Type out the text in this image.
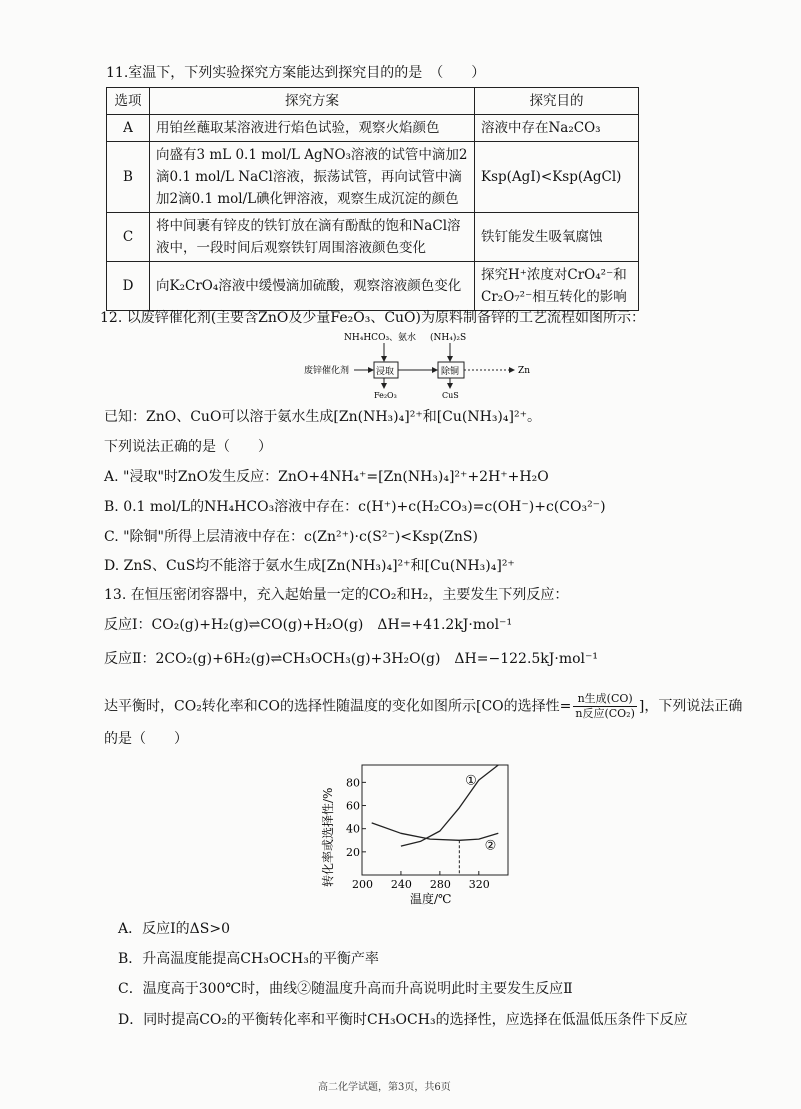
11.室温下，下列实验探究方案能达到探究目的的是　（　　）
选项	探究方案	探究目的
A	用铂丝蘸取某溶液进行焰色试验，观察火焰颜色	溶液中存在Na₂CO₃
B	向盛有3 mL 0.1 mol/L AgNO₃溶液的试管中滴加2滴0.1 mol/L NaCl溶液，振荡试管，再向试管中滴加2滴0.1 mol/L碘化钾溶液，观察生成沉淀的颜色	Ksp(AgI)<Ksp(AgCl)
C	将中间裹有锌皮的铁钉放在滴有酚酞的饱和NaCl溶液中，一段时间后观察铁钉周围溶液颜色变化	铁钉能发生吸氧腐蚀
D	向K₂CrO₄溶液中缓慢滴加硫酸，观察溶液颜色变化	探究H⁺浓度对CrO₄²⁻和Cr₂O₇²⁻相互转化的影响
12. 以废锌催化剂(主要含ZnO及少量Fe₂O₃、CuO)为原料制备锌的工艺流程如图所示：
NH₄HCO₃、氨水 (NH₄)₂S
废锌催化剂	浸取	除铜	Zn
Fe₂O₃	CuS
已知：ZnO、CuO可以溶于氨水生成[Zn(NH₃)₄]²⁺和[Cu(NH₃)₄]²⁺。
下列说法正确的是（　　）
A. "浸取"时ZnO发生反应：ZnO+4NH₄⁺=[Zn(NH₃)₄]²⁺+2H⁺+H₂O
B. 0.1 mol/L的NH₄HCO₃溶液中存在：c(H⁺)+c(H₂CO₃)=c(OH⁻)+c(CO₃²⁻)
C. "除铜"所得上层清液中存在：c(Zn²⁺)·c(S²⁻)<Ksp(ZnS)
D. ZnS、CuS均不能溶于氨水生成[Zn(NH₃)₄]²⁺和[Cu(NH₃)₄]²⁺
13. 在恒压密闭容器中，充入起始量一定的CO₂和H₂，主要发生下列反应：
反应Ⅰ：CO₂(g)+H₂(g)⇌CO(g)+H₂O(g)　ΔH=+41.2kJ·mol⁻¹
反应Ⅱ：2CO₂(g)+6H₂(g)⇌CH₃OCH₃(g)+3H₂O(g)　ΔH=−122.5kJ·mol⁻¹
达平衡时，CO₂转化率和CO的选择性随温度的变化如图所示[CO的选择性= n生成(CO)
n反应(CO₂) ]，下列说法正确
的是（　　）
200 240 280 320
20
40
60
80	①
②
转化率或选择性/%
温度/℃
A．反应Ⅰ的ΔS>0
B．升高温度能提高CH₃OCH₃的平衡产率
C．温度高于300℃时，曲线②随温度升高而升高说明此时主要发生反应Ⅱ
D．同时提高CO₂的平衡转化率和平衡时CH₃OCH₃的选择性，应选择在低温低压条件下反应
高二化学试题，第3页，共6页
